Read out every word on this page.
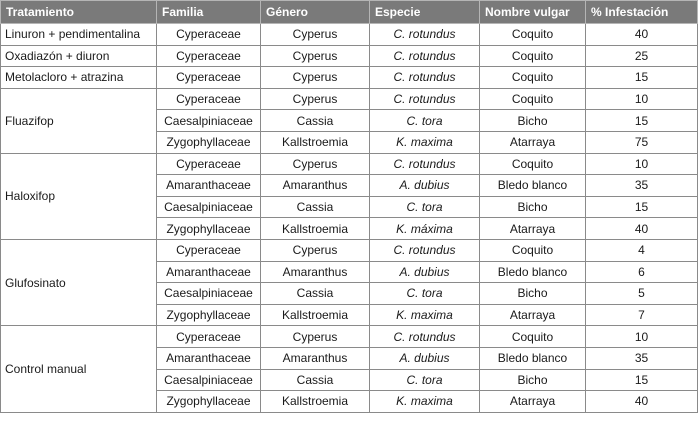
Tratamiento	Familia	Género	Especie	Nombre vulgar	% Infestación
Linuron + pendimentalina	Cyperaceae	Cyperus	C. rotundus	Coquito	40
Oxadiazón + diuron	Cyperaceae	Cyperus	C. rotundus	Coquito	25
Metolacloro + atrazina	Cyperaceae	Cyperus	C. rotundus	Coquito	15
Fluazifop	Cyperaceae	Cyperus	C. rotundus	Coquito	10
	Caesalpiniaceae	Cassia	C. tora	Bicho	15
	Zygophyllaceae	Kallstroemia	K. maxima	Atarraya	75
Haloxifop	Cyperaceae	Cyperus	C. rotundus	Coquito	10
	Amaranthaceae	Amaranthus	A. dubius	Bledo blanco	35
	Caesalpiniaceae	Cassia	C. tora	Bicho	15
	Zygophyllaceae	Kallstroemia	K. máxima	Atarraya	40
Glufosinato	Cyperaceae	Cyperus	C. rotundus	Coquito	4
	Amaranthaceae	Amaranthus	A. dubius	Bledo blanco	6
	Caesalpiniaceae	Cassia	C. tora	Bicho	5
	Zygophyllaceae	Kallstroemia	K. maxima	Atarraya	7
Control manual	Cyperaceae	Cyperus	C. rotundus	Coquito	10
	Amaranthaceae	Amaranthus	A. dubius	Bledo blanco	35
	Caesalpiniaceae	Cassia	C. tora	Bicho	15
	Zygophyllaceae	Kallstroemia	K. maxima	Atarraya	40
